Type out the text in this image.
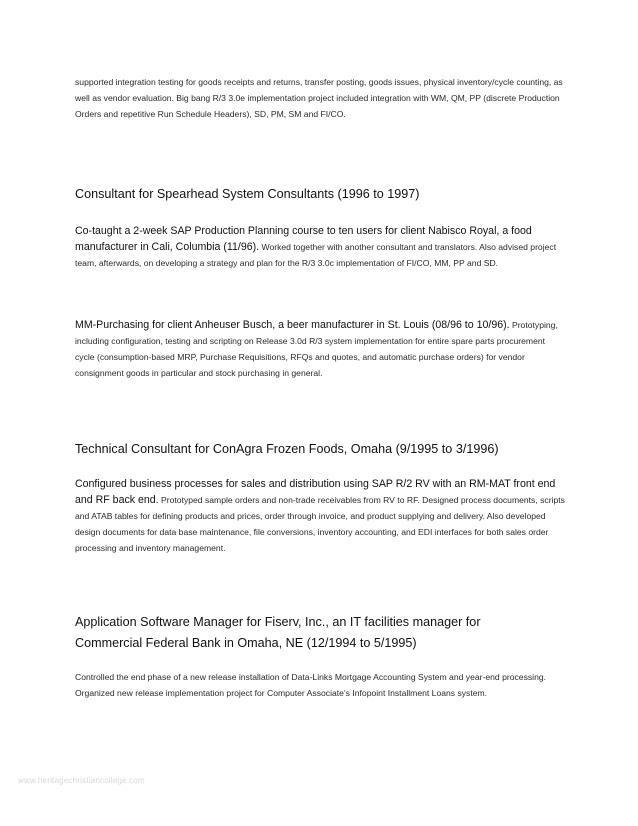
supported integration testing for goods receipts and returns, transfer posting, goods issues, physical inventory/cycle counting, as well as vendor evaluation. Big bang R/3 3.0e implementation project included integration with WM, QM, PP (discrete Production Orders and repetitive Run Schedule Headers), SD, PM, SM and FI/CO.

Consultant for Spearhead System Consultants (1996 to 1997)

Co-taught a 2-week SAP Production Planning course to ten users for client Nabisco Royal, a food manufacturer in Cali, Columbia (11/96). Worked together with another consultant and translators. Also advised project team, afterwards, on developing a strategy and plan for the R/3 3.0c implementation of FI/CO, MM, PP and SD.

MM-Purchasing for client Anheuser Busch, a beer manufacturer in St. Louis (08/96 to 10/96). Prototyping, including configuration, testing and scripting on Release 3.0d R/3 system implementation for entire spare parts procurement cycle (consumption-based MRP, Purchase Requisitions, RFQs and quotes, and automatic purchase orders) for vendor consignment goods in particular and stock purchasing in general.

Technical Consultant for ConAgra Frozen Foods, Omaha (9/1995 to 3/1996)

Configured business processes for sales and distribution using SAP R/2 RV with an RM-MAT front end and RF back end. Prototyped sample orders and non-trade receivables from RV to RF. Designed process documents, scripts and ATAB tables for defining products and prices, order through invoice, and product supplying and delivery. Also developed design documents for data base maintenance, file conversions, inventory accounting, and EDI interfaces for both sales order processing and inventory management.

Application Software Manager for Fiserv, Inc., an IT facilities manager for Commercial Federal Bank in Omaha, NE (12/1994 to 5/1995)

Controlled the end phase of a new release installation of Data-Links Mortgage Accounting System and year-end processing. Organized new release implementation project for Computer Associate’s Infopoint Installment Loans system.

www.heritagechristiancollege.com
